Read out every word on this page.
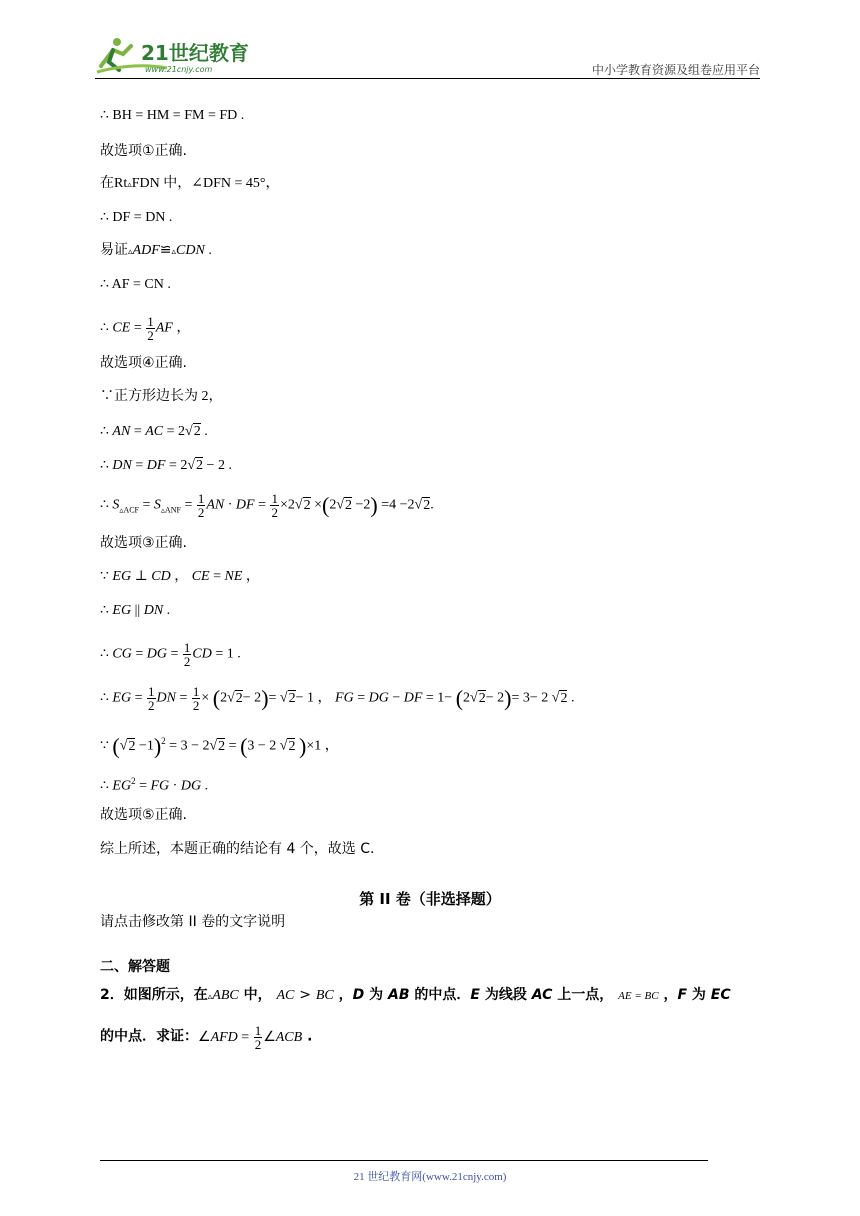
21世纪教育
www.21cnjy.com	中小学教育资源及组卷应用平台
∴ BH = HM = FM = FD .
故选项①正确.
在Rt▵FDN 中，∠DFN = 45°，
∴ DF = DN .
易证▵ADF≌▵CDN .
∴ AF = CN .
∴ CE = $\frac{1}{2}$ AF ，
故选项④正确.
∵正方形边长为 2，
∴ AN = AC = 2√2 .
∴ DN = DF = 2√2 − 2 .
∴ $S_{▵ACF} = S_{▵ANF} = \frac{1}{2}$ AN · DF = $\frac{1}{2} \times 2√2 \times(2√2 -2) =4 -2√2$.
故选项③正确.
∵ EG ⊥ CD ， CE = NE ，
∴ EG || DN .
∴ CG = DG = $\frac{1}{2}$ CD = 1 .
∴ EG = $\frac{1}{2}$ DN = $\frac{1}{2} \times (2√2- 2)= √2- 1$ ， FG = DG − DF = 1− (2√2− 2)= 3− 2 √2 .
∵ $(√2 -1)^2 = 3 - 2√2 = (3 - 2$ √2 )×1 ，
∴ $EG^2$ = FG · DG .
故选项⑤正确.
综上所述，本题正确的结论有 4 个，故选 C.
第 II 卷（非选择题）
请点击修改第 II 卷的文字说明
二、解答题
2．如图所示，在▵ABC 中， AC > BC ，D 为 AB 的中点．E 为线段 AC 上一点， AE = BC ，F 为 EC
的中点．求证：∠AFD = $\frac{1}{2}$ ∠ACB .
21 世纪教育网(www.21cnjy.com)
